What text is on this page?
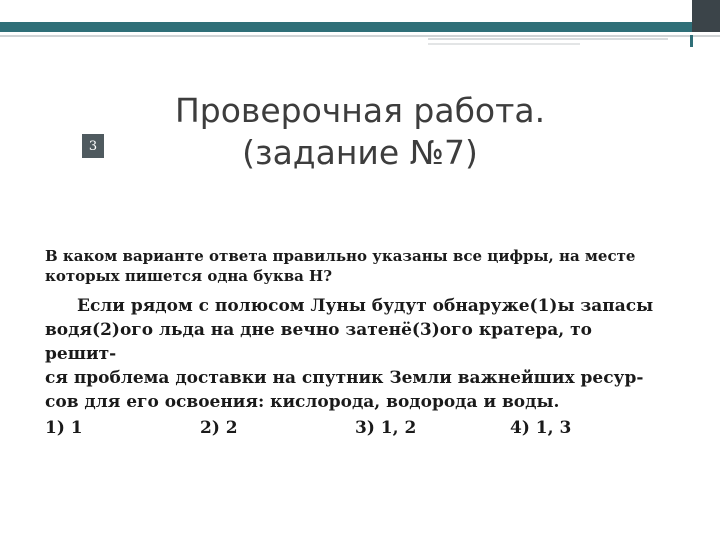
3
Проверочная работа.
(задание №7)
В каком варианте ответа правильно указаны все цифры, на месте
которых пишется одна буква Н?
Если рядом с полюсом Луны будут обнаруже(1)ы запасы
водя(2)ого льда на дне вечно затенё(3)ого кратера, то решит-
ся проблема доставки на спутник Земли важнейших ресур-
сов для его освоения: кислорода, водорода и воды.
1) 1	2) 2	3) 1, 2	4) 1, 3
